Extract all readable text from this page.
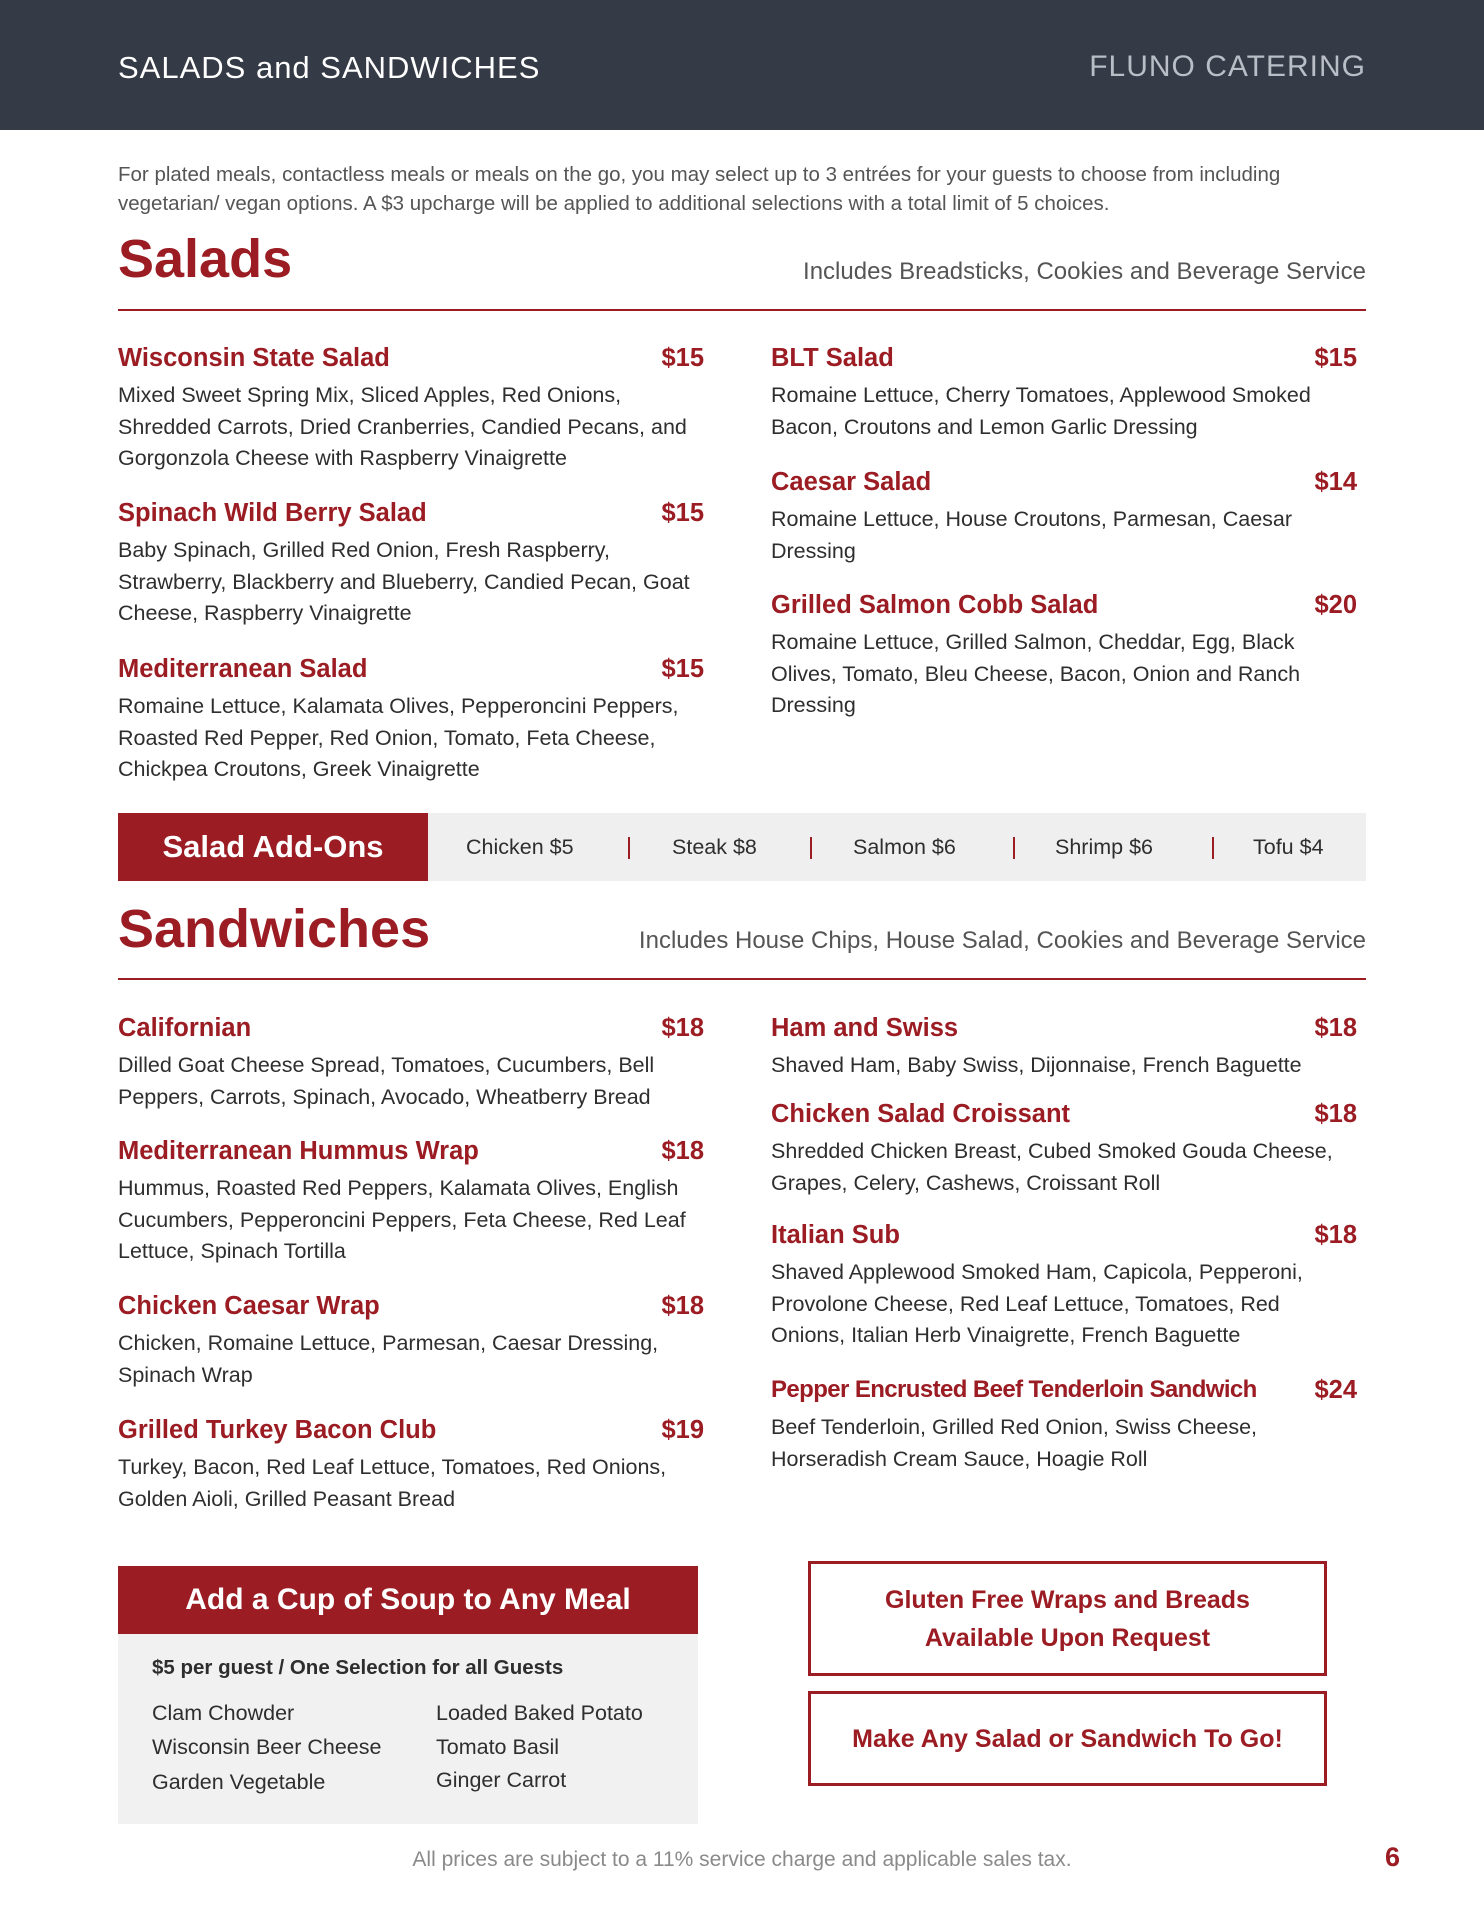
SALADS and SANDWICHES	FLUNO CATERING
For plated meals, contactless meals or meals on the go, you may select up to 3 entrées for your guests to choose from including vegetarian/ vegan options. A $3 upcharge will be applied to additional selections with a total limit of 5 choices.
Salads	Includes Breadsticks, Cookies and Beverage Service
Wisconsin State Salad	$15
Mixed Sweet Spring Mix, Sliced Apples, Red Onions, Shredded Carrots, Dried Cranberries, Candied Pecans, and Gorgonzola Cheese with Raspberry Vinaigrette
Spinach Wild Berry Salad	$15
Baby Spinach, Grilled Red Onion, Fresh Raspberry, Strawberry, Blackberry and Blueberry, Candied Pecan, Goat Cheese, Raspberry Vinaigrette
Mediterranean Salad	$15
Romaine Lettuce, Kalamata Olives, Pepperoncini Peppers, Roasted Red Pepper, Red Onion, Tomato, Feta Cheese, Chickpea Croutons, Greek Vinaigrette
BLT Salad	$15
Romaine Lettuce, Cherry Tomatoes, Applewood Smoked Bacon, Croutons and Lemon Garlic Dressing
Caesar Salad	$14
Romaine Lettuce, House Croutons, Parmesan, Caesar Dressing
Grilled Salmon Cobb Salad	$20
Romaine Lettuce, Grilled Salmon, Cheddar, Egg, Black Olives, Tomato, Bleu Cheese, Bacon, Onion and Ranch Dressing
Salad Add-Ons	Chicken $5	Steak $8	Salmon $6	Shrimp $6	Tofu $4
Sandwiches	Includes House Chips, House Salad, Cookies and Beverage Service
Californian	$18
Dilled Goat Cheese Spread, Tomatoes, Cucumbers, Bell Peppers, Carrots, Spinach, Avocado, Wheatberry Bread
Mediterranean Hummus Wrap	$18
Hummus, Roasted Red Peppers, Kalamata Olives, English Cucumbers, Pepperoncini Peppers, Feta Cheese, Red Leaf Lettuce, Spinach Tortilla
Chicken Caesar Wrap	$18
Chicken, Romaine Lettuce, Parmesan, Caesar Dressing, Spinach Wrap
Grilled Turkey Bacon Club	$19
Turkey, Bacon, Red Leaf Lettuce, Tomatoes, Red Onions, Golden Aioli, Grilled Peasant Bread
Ham and Swiss	$18
Shaved Ham, Baby Swiss, Dijonnaise, French Baguette
Chicken Salad Croissant	$18
Shredded Chicken Breast, Cubed Smoked Gouda Cheese, Grapes, Celery, Cashews, Croissant Roll
Italian Sub	$18
Shaved Applewood Smoked Ham, Capicola, Pepperoni, Provolone Cheese, Red Leaf Lettuce, Tomatoes, Red Onions, Italian Herb Vinaigrette, French Baguette
Pepper Encrusted Beef Tenderloin Sandwich $24
Beef Tenderloin, Grilled Red Onion, Swiss Cheese, Horseradish Cream Sauce, Hoagie Roll
Add a Cup of Soup to Any Meal
$5 per guest / One Selection for all Guests
Clam Chowder
Wisconsin Beer Cheese
Garden Vegetable
Loaded Baked Potato
Tomato Basil
Ginger Carrot
Gluten Free Wraps and Breads
Available Upon Request
Make Any Salad or Sandwich To Go!
All prices are subject to a 11% service charge and applicable sales tax.	6
